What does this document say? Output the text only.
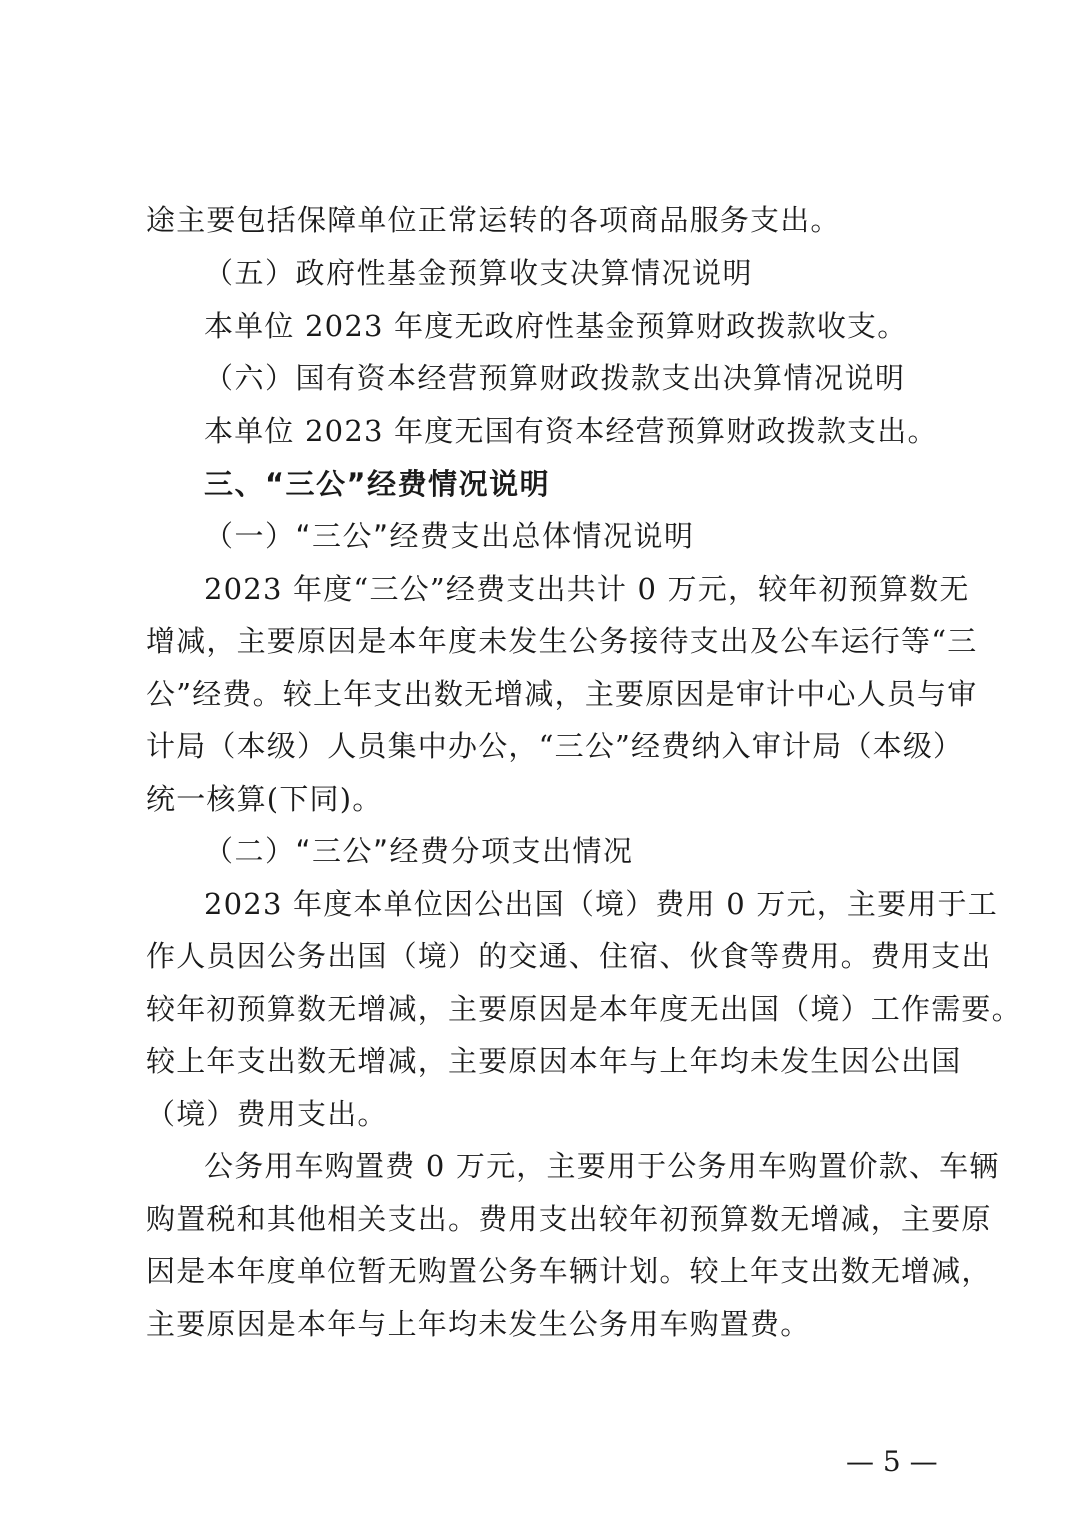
途主要包括保障单位正常运转的各项商品服务支出。
（五）政府性基金预算收支决算情况说明
本单位 2023 年度无政府性基金预算财政拨款收支。
（六）国有资本经营预算财政拨款支出决算情况说明
本单位 2023 年度无国有资本经营预算财政拨款支出。
三、“三公”经费情况说明
（一）“三公”经费支出总体情况说明
2023 年度“三公”经费支出共计 0 万元，较年初预算数无
增减，主要原因是本年度未发生公务接待支出及公车运行等“三
公”经费。较上年支出数无增减，主要原因是审计中心人员与审
计局（本级）人员集中办公，“三公”经费纳入审计局（本级）
统一核算(下同)。
（二）“三公”经费分项支出情况
2023 年度本单位因公出国（境）费用 0 万元，主要用于工
作人员因公务出国（境）的交通、住宿、伙食等费用。费用支出
较年初预算数无增减，主要原因是本年度无出国（境）工作需要。
较上年支出数无增减，主要原因本年与上年均未发生因公出国
（境）费用支出。
公务用车购置费 0 万元，主要用于公务用车购置价款、车辆
购置税和其他相关支出。费用支出较年初预算数无增减，主要原
因是本年度单位暂无购置公务车辆计划。较上年支出数无增减，
主要原因是本年与上年均未发生公务用车购置费。
— 5 —
